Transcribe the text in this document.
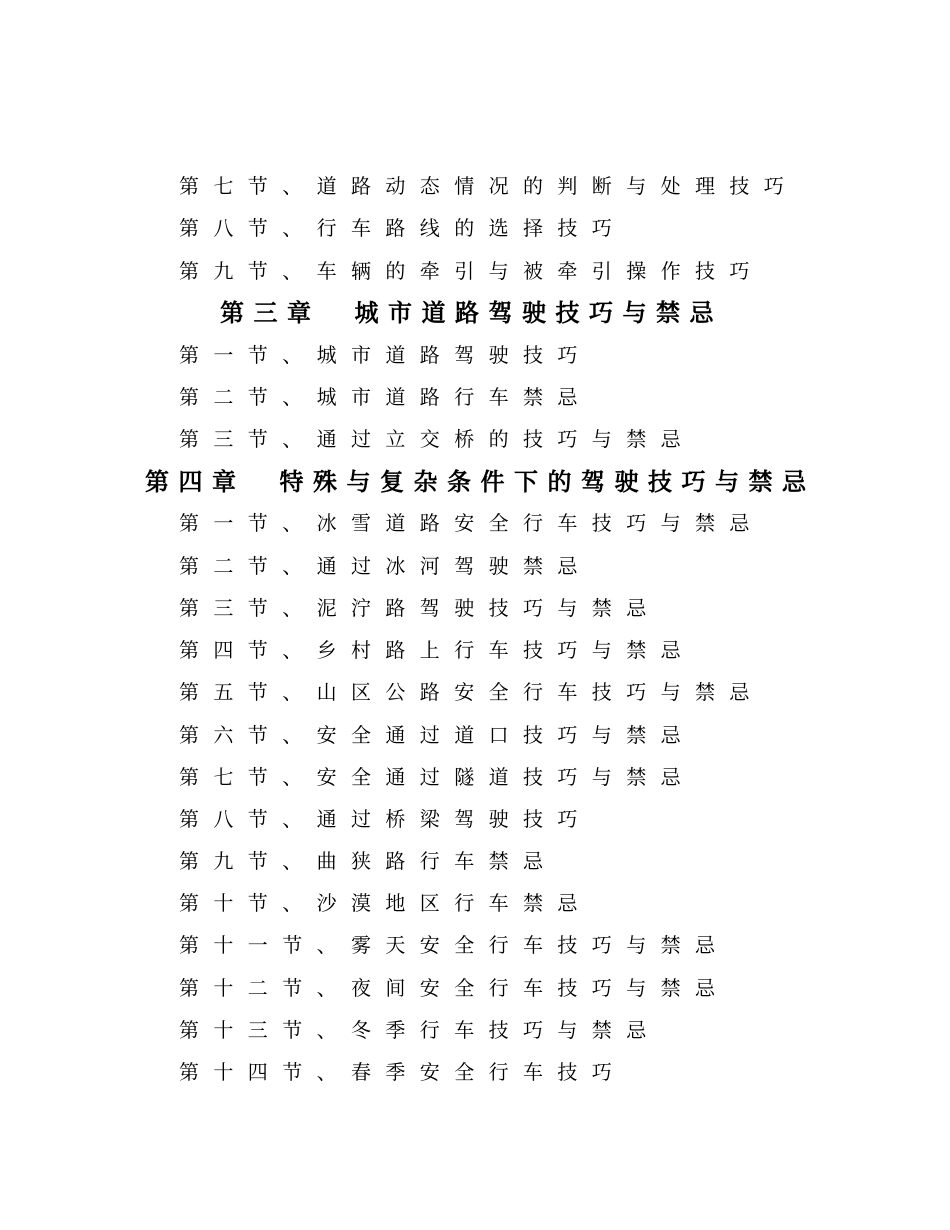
第七节、道路动态情况的判断与处理技巧
第八节、行车路线的选择技巧
第九节、车辆的牵引与被牵引操作技巧
第三章 城市道路驾驶技巧与禁忌
第一节、城市道路驾驶技巧
第二节、城市道路行车禁忌
第三节、通过立交桥的技巧与禁忌
第四章 特殊与复杂条件下的驾驶技巧与禁忌
第一节、冰雪道路安全行车技巧与禁忌
第二节、通过冰河驾驶禁忌
第三节、泥泞路驾驶技巧与禁忌
第四节、乡村路上行车技巧与禁忌
第五节、山区公路安全行车技巧与禁忌
第六节、安全通过道口技巧与禁忌
第七节、安全通过隧道技巧与禁忌
第八节、通过桥梁驾驶技巧
第九节、曲狭路行车禁忌
第十节、沙漠地区行车禁忌
第十一节、雾天安全行车技巧与禁忌
第十二节、夜间安全行车技巧与禁忌
第十三节、冬季行车技巧与禁忌
第十四节、春季安全行车技巧
